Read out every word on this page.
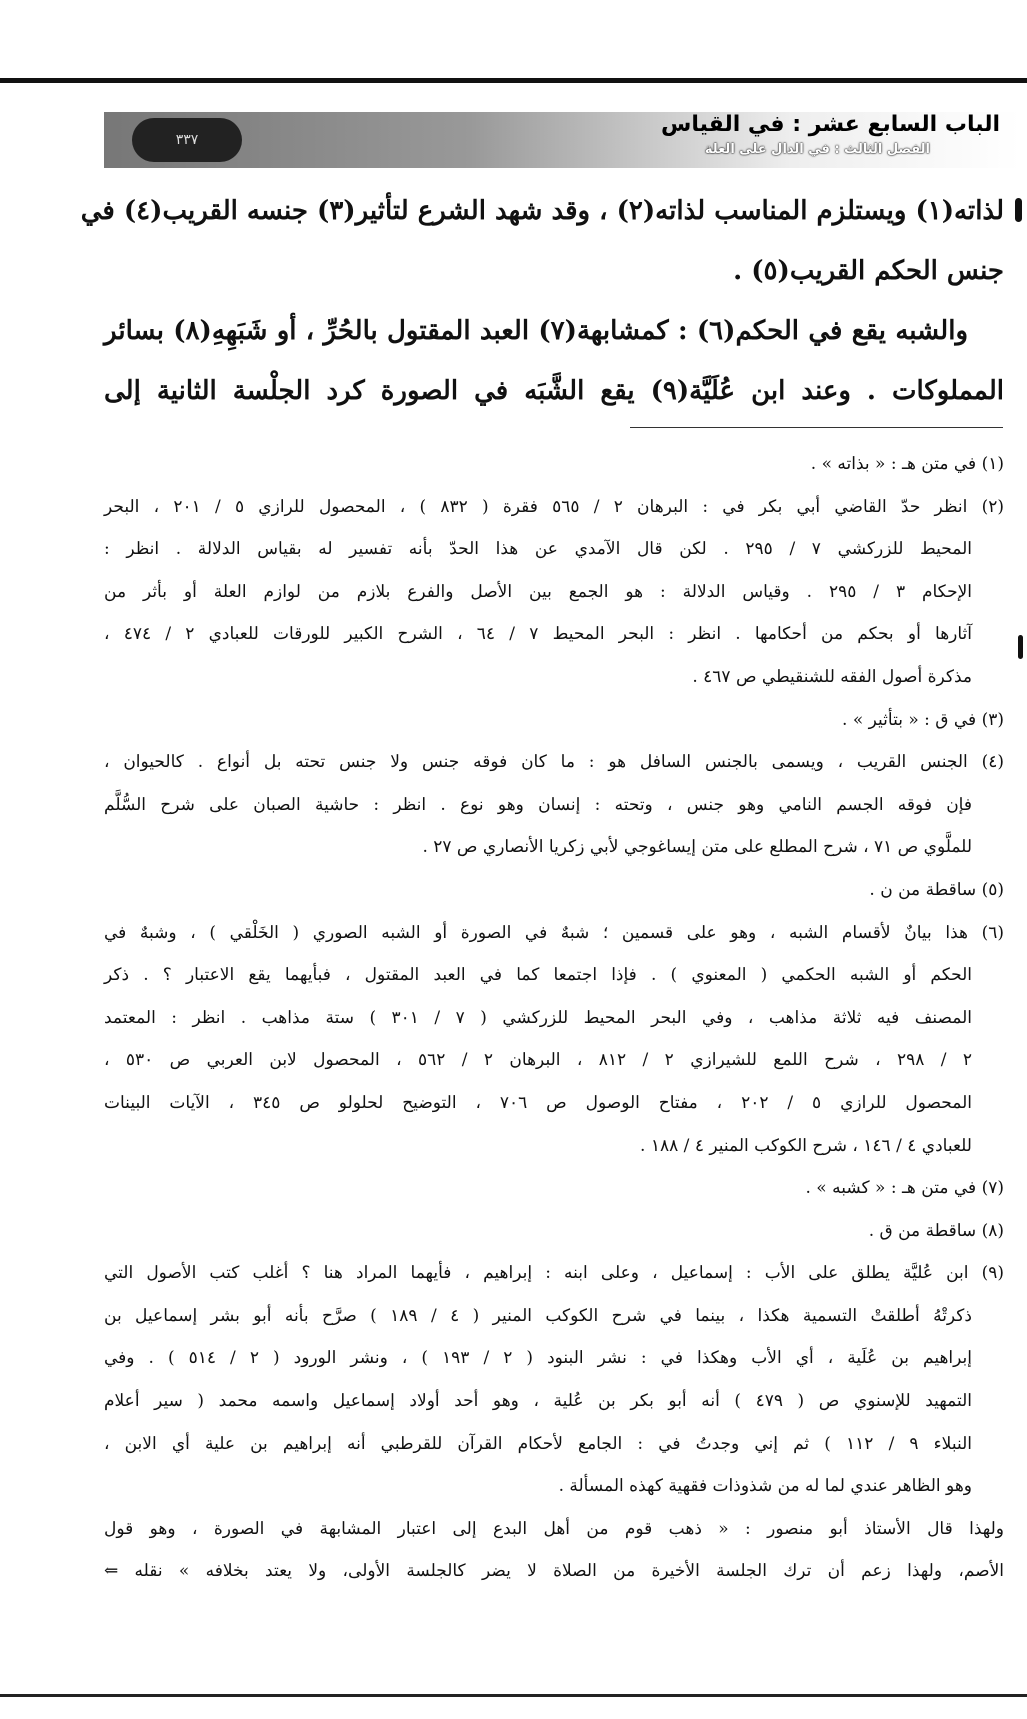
الباب السابع عشر : في القياس
الفصل الثالث : في الدال على العلة
٣٣٧
لذاته(١) ويستلزم المناسب لذاته(٢) ، وقد شهد الشرع لتأثير(٣) جنسه القريب(٤) في
جنس الحكم القريب(٥) .
والشبه يقع في الحكم(٦) : كمشابهة(٧) العبد المقتول بالحُرِّ ، أو شَبَهِهِ(٨) بسائر
المملوكات . وعند ابن عُلَيَّة(٩) يقع الشَّبَه في الصورة كرد الجلْسة الثانية إلى
(١) في متن هـ : « بذاته » .
(٢) انظر حدّ القاضي أبي بكر في : البرهان ٢ / ٥٦٥ فقرة ( ٨٣٢ ) ، المحصول للرازي ٥ / ٢٠١ ، البحر
المحيط للزركشي ٧ / ٢٩٥ . لكن قال الآمدي عن هذا الحدّ بأنه تفسير له بقياس الدلالة . انظر :
الإحكام ٣ / ٢٩٥ . وقياس الدلالة : هو الجمع بين الأصل والفرع بلازم من لوازم العلة أو بأثر من
آثارها أو بحكم من أحكامها . انظر : البحر المحيط ٧ / ٦٤ ، الشرح الكبير للورقات للعبادي ٢ / ٤٧٤ ،
مذكرة أصول الفقه للشنقيطي ص ٤٦٧ .
(٣) في ق : « بتأثير » .
(٤) الجنس القريب ، ويسمى بالجنس السافل هو : ما كان فوقه جنس ولا جنس تحته بل أنواع . كالحيوان ،
فإن فوقه الجسم النامي وهو جنس ، وتحته : إنسان وهو نوع . انظر : حاشية الصبان على شرح السُّلَّم
للملَّوي ص ٧١ ، شرح المطلع على متن إيساغوجي لأبي زكريا الأنصاري ص ٢٧ .
(٥) ساقطة من ن .
(٦) هذا بيانٌ لأقسام الشبه ، وهو على قسمين ؛ شبهٌ في الصورة أو الشبه الصوري ( الخَلْقي ) ، وشبهٌ في
الحكم أو الشبه الحكمي ( المعنوي ) . فإذا اجتمعا كما في العبد المقتول ، فبأيهما يقع الاعتبار ؟ . ذكر
المصنف فيه ثلاثة مذاهب ، وفي البحر المحيط للزركشي ( ٧ / ٣٠١ ) ستة مذاهب . انظر : المعتمد
٢ / ٢٩٨ ، شرح اللمع للشيرازي ٢ / ٨١٢ ، البرهان ٢ / ٥٦٢ ، المحصول لابن العربي ص ٥٣٠ ،
المحصول للرازي ٥ / ٢٠٢ ، مفتاح الوصول ص ٧٠٦ ، التوضيح لحلولو ص ٣٤٥ ، الآيات البينات
للعبادي ٤ / ١٤٦ ، شرح الكوكب المنير ٤ / ١٨٨ .
(٧) في متن هـ : « كشبه » .
(٨) ساقطة من ق .
(٩) ابن عُليَّة يطلق على الأب : إسماعيل ، وعلى ابنه : إبراهيم ، فأيهما المراد هنا ؟ أغلب كتب الأصول التي
ذكرتْهُ أطلقتْ التسمية هكذا ، بينما في شرح الكوكب المنير ( ٤ / ١٨٩ ) صرَّح بأنه أبو بشر إسماعيل بن
إبراهيم بن عُلَية ، أي الأب وهكذا في : نشر البنود ( ٢ / ١٩٣ ) ، ونشر الورود ( ٢ / ٥١٤ ) . وفي
التمهيد للإسنوي ص ( ٤٧٩ ) أنه أبو بكر بن عُلية ، وهو أحد أولاد إسماعيل واسمه محمد ( سير أعلام
النبلاء ٩ / ١١٢ ) ثم إني وجدتُ في : الجامع لأحكام القرآن للقرطبي أنه إبراهيم بن علية أي الابن ،
وهو الظاهر عندي لما له من شذوذات فقهية كهذه المسألة .
ولهذا قال الأستاذ أبو منصور : « ذهب قوم من أهل البدع إلى اعتبار المشابهة في الصورة ، وهو قول
الأصم، ولهذا زعم أن ترك الجلسة الأخيرة من الصلاة لا يضر كالجلسة الأولى، ولا يعتد بخلافه » نقله ⇐
